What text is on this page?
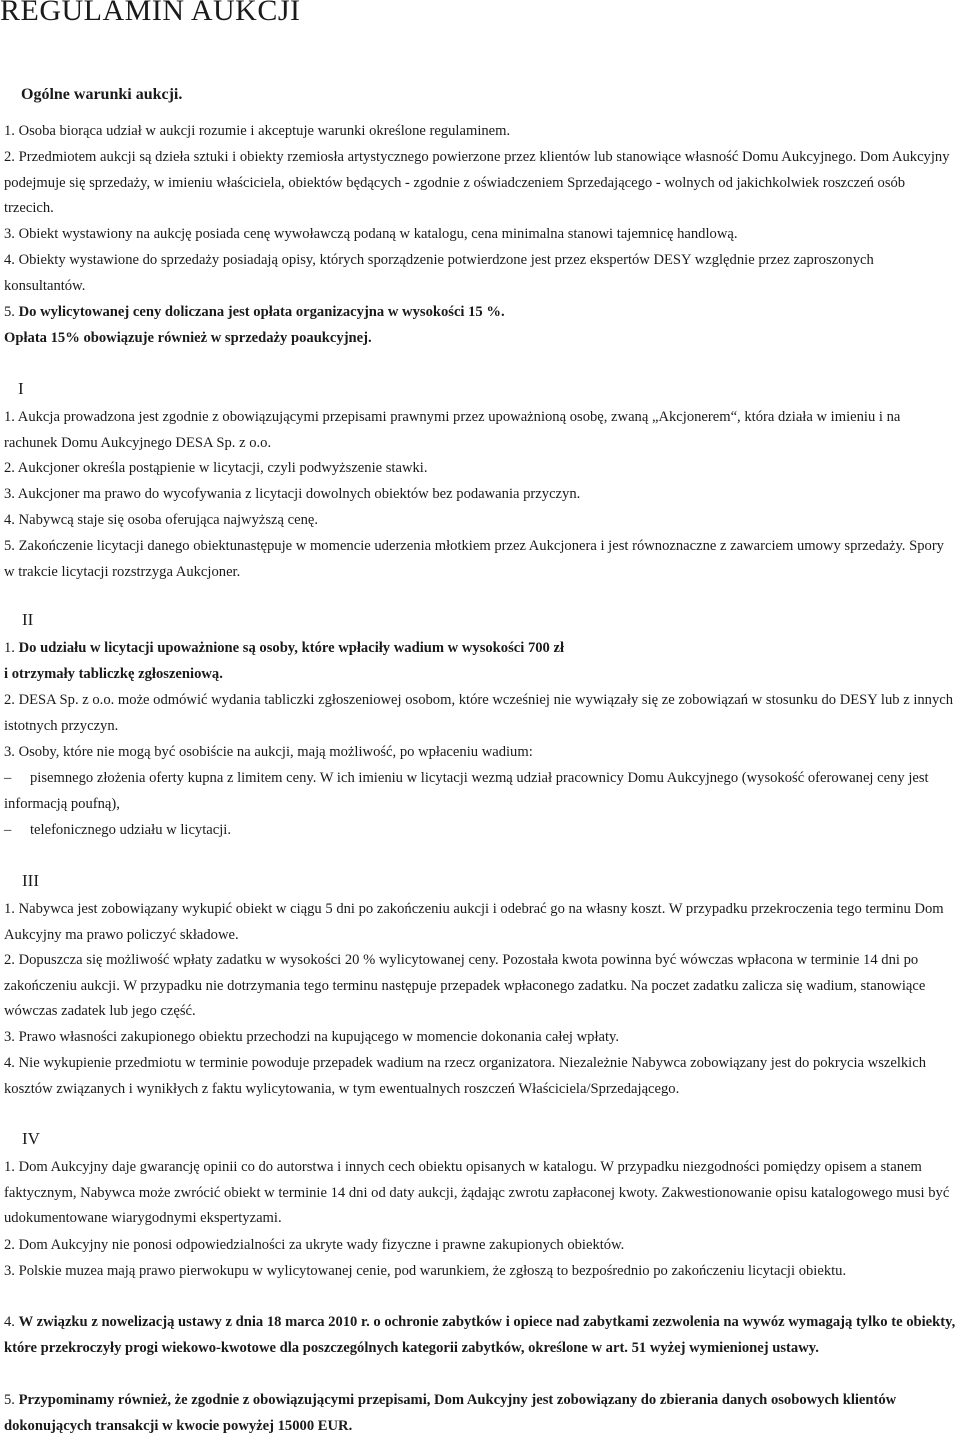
REGULAMIN AUKCJI
Ogólne warunki aukcji.

1. Osoba biorąca udział w aukcji rozumie i akceptuje warunki określone regulaminem.

2. Przedmiotem aukcji są dzieła sztuki i obiekty rzemiosła artystycznego powierzone przez klientów lub stanowiące własność Domu Aukcyjnego. Dom Aukcyjny podejmuje się sprzedaży, w imieniu właściciela, obiektów będących - zgodnie z oświadczeniem Sprzedającego - wolnych od jakichkolwiek roszczeń osób trzecich.

3. Obiekt wystawiony na aukcję posiada cenę wywoławczą podaną w katalogu, cena minimalna stanowi tajemnicę handlową.

4. Obiekty wystawione do sprzedaży posiadają opisy, których sporządzenie potwierdzone jest przez ekspertów DESY względnie przez zaproszonych konsultantów.

5. Do wylicytowanej ceny doliczana jest opłata organizacyjna w wysokości 15 %.

Opłata 15% obowiązuje również w sprzedaży poaukcyjnej.

I

1. Aukcja prowadzona jest zgodnie z obowiązującymi przepisami prawnymi przez upoważnioną osobę, zwaną „Akcjonerem“, która działa w imieniu i na rachunek Domu Aukcyjnego DESA Sp. z o.o.

2. Aukcjoner określa postąpienie w licytacji, czyli podwyższenie stawki.

3. Aukcjoner ma prawo do wycofywania z licytacji dowolnych obiektów bez podawania przyczyn.

4. Nabywcą staje się osoba oferująca najwyższą cenę.

5. Zakończenie licytacji danego obiektunastępuje w momencie uderzenia młotkiem przez Aukcjonera i jest równoznaczne z zawarciem umowy sprzedaży. Spory w trakcie licytacji rozstrzyga Aukcjoner.

II

1. Do udziału w licytacji upoważnione są osoby, które wpłaciły wadium w wysokości 700 zł

i otrzymały tabliczkę zgłoszeniową.

2. DESA Sp. z o.o. może odmówić wydania tabliczki zgłoszeniowej osobom, które wcześniej nie wywiązały się ze zobowiązań w stosunku do DESY lub z innych istotnych przyczyn.

3. Osoby, które nie mogą być osobiście na aukcji, mają możliwość, po wpłaceniu wadium:

– pisemnego złożenia oferty kupna z limitem ceny. W ich imieniu w licytacji wezmą udział pracownicy Domu Aukcyjnego (wysokość oferowanej ceny jest informacją poufną),

– telefonicznego udziału w licytacji.

III

1. Nabywca jest zobowiązany wykupić obiekt w ciągu 5 dni po zakończeniu aukcji i odebrać go na własny koszt. W przypadku przekroczenia tego terminu Dom Aukcyjny ma prawo policzyć składowe.

2. Dopuszcza się możliwość wpłaty zadatku w wysokości 20 % wylicytowanej ceny. Pozostała kwota powinna być wówczas wpłacona w terminie 14 dni po zakończeniu aukcji. W przypadku nie dotrzymania tego terminu następuje przepadek wpłaconego zadatku. Na poczet zadatku zalicza się wadium, stanowiące wówczas zadatek lub jego część.

3. Prawo własności zakupionego obiektu przechodzi na kupującego w momencie dokonania całej wpłaty.

4. Nie wykupienie przedmiotu w terminie powoduje przepadek wadium na rzecz organizatora. Niezależnie Nabywca zobowiązany jest do pokrycia wszelkich kosztów związanych i wynikłych z faktu wylicytowania, w tym ewentualnych roszczeń Właściciela/Sprzedającego.

IV

1. Dom Aukcyjny daje gwarancję opinii co do autorstwa i innych cech obiektu opisanych w katalogu. W przypadku niezgodności pomiędzy opisem a stanem faktycznym, Nabywca może zwrócić obiekt w terminie 14 dni od daty aukcji, żądając zwrotu zapłaconej kwoty. Zakwestionowanie opisu katalogowego musi być udokumentowane wiarygodnymi ekspertyzami.

2. Dom Aukcyjny nie ponosi odpowiedzialności za ukryte wady fizyczne i prawne zakupionych obiektów.

3. Polskie muzea mają prawo pierwokupu w wylicytowanej cenie, pod warunkiem, że zgłoszą to bezpośrednio po zakończeniu licytacji obiektu.

4. W związku z nowelizacją ustawy z dnia 18 marca 2010 r. o ochronie zabytków i opiece nad zabytkami zezwolenia na wywóz wymagają tylko te obiekty, które przekroczyły progi wiekowo-kwotowe dla poszczególnych kategorii zabytków, określone w art. 51 wyżej wymienionej ustawy.

5. Przypominamy również, że zgodnie z obowiązującymi przepisami, Dom Aukcyjny jest zobowiązany do zbierania danych osobowych klientów dokonujących transakcji w kwocie powyżej 15000 EUR.
